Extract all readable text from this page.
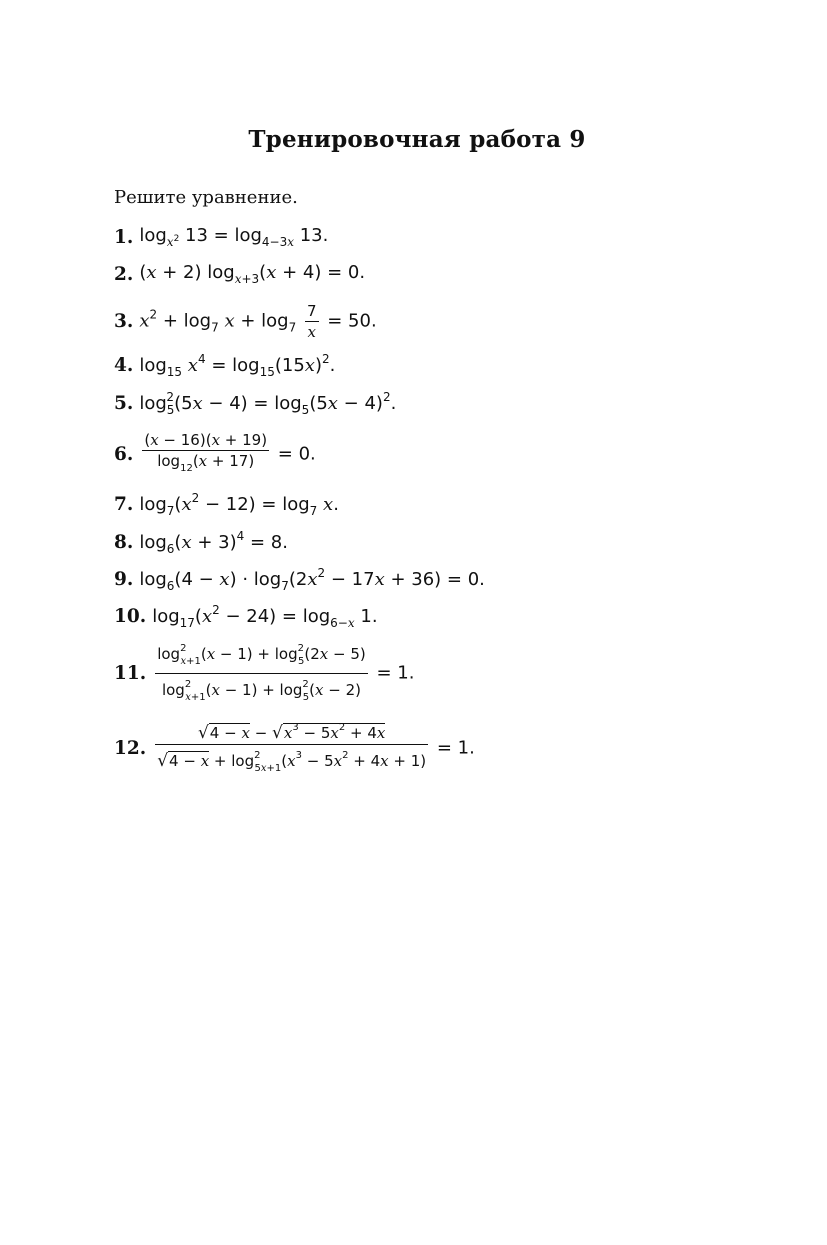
Тренировочная работа 9
Решите уравнение.
1. $\log_{x^2} 13 = \log_{4-3x} 13$.
2. (x + 2) $\log_{x+3}(x + 4) = 0$.
3. $x^2 + \log_7 x + \log_7 \frac{7}{x} = 50$.
4. $\log_{15} x^4 = \log_{15}(15x)^2$.
5. $\log_5^2(5x - 4) = \log_5(5x - 4)^2$.
6. $\frac{(x - 16)(x + 19)}{\log_{12}(x + 17)} = 0$.
7. $\log_7(x^2 - 12) = \log_7 x$.
8. $\log_6(x + 3)^4 = 8$.
9. $\log_6(4 - x) \cdot \log_7(2x^2 - 17x + 36) = 0$.
10. $\log_{17}(x^2 - 24) = \log_{6-x} 1$.
11. $\frac{\log^2_{x+1}(x - 1) + \log^2_5(2x - 5)}{\log^2_{x+1}(x - 1) + \log^2_5(x - 2)} = 1$.
12. $\frac{√4 - x - √x^3 - 5x^2 + 4x}{√4 - x + \log^2_{5x+1}(x^3 - 5x^2 + 4x + 1)} = 1$.
